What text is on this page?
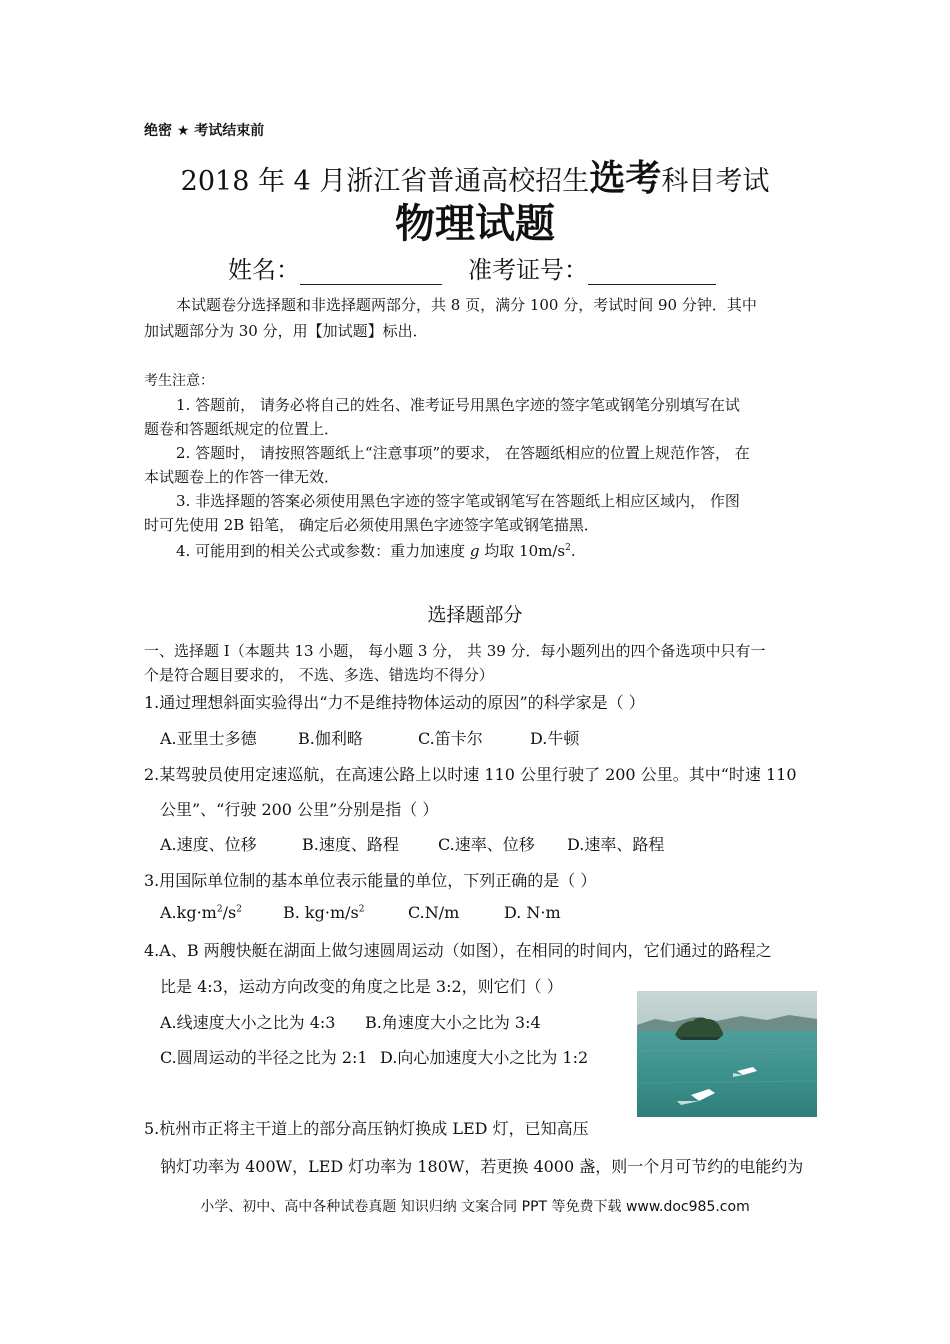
绝密 ★ 考试结束前
2018 年 4 月浙江省普通高校招生选考科目考试
物理试题
姓名：	准考证号：
本试题卷分选择题和非选择题两部分，共 8 页，满分 100 分，考试时间 90 分钟．其中
加试题部分为 30 分，用【加试题】标出．
考生注意：
1. 答题前， 请务必将自己的姓名、准考证号用黑色字迹的签字笔或钢笔分别填写在试
题卷和答题纸规定的位置上．
2. 答题时， 请按照答题纸上“注意事项”的要求， 在答题纸相应的位置上规范作答， 在
本试题卷上的作答一律无效．
3. 非选择题的答案必须使用黑色字迹的签字笔或钢笔写在答题纸上相应区域内， 作图
时可先使用 2B 铅笔， 确定后必须使用黑色字迹签字笔或钢笔描黑．
4. 可能用到的相关公式或参数：重力加速度 g 均取 $10m/s^2$.
选择题部分
一、选择题 I（本题共 13 小题， 每小题 3 分， 共 39 分．每小题列出的四个备选项中只有一
个是符合题目要求的， 不选、多选、错选均不得分）
1.通过理想斜面实验得出“力不是维持物体运动的原因”的科学家是（ ）
A.亚里士多德	B.伽利略	C.笛卡尔	D.牛顿
2.某驾驶员使用定速巡航，在高速公路上以时速 110 公里行驶了 200 公里。其中“时速 110
公里”、“行驶 200 公里”分别是指（ ）
A.速度、位移	B.速度、路程 C.速率、位移 D.速率、路程
3.用国际单位制的基本单位表示能量的单位，下列正确的是（ ）
$A.kg\cdot m^2/s^2$	B. $kg\cdot m/s^2$	C.N/m	D. N·m
4.A、B 两艘快艇在湖面上做匀速圆周运动（如图），在相同的时间内，它们通过的路程之
比是 4:3，运动方向改变的角度之比是 3:2，则它们（ ）
A.线速度大小之比为 4:3 B.角速度大小之比为 3:4
C.圆周运动的半径之比为 2:1 D.向心加速度大小之比为 1:2
5.杭州市正将主干道上的部分高压钠灯换成 LED 灯，已知高压
钠灯功率为 400W，LED 灯功率为 180W，若更换 4000 盏，则一个月可节约的电能约为
小学、初中、高中各种试卷真题 知识归纳 文案合同 PPT 等免费下载 www.doc985.com
